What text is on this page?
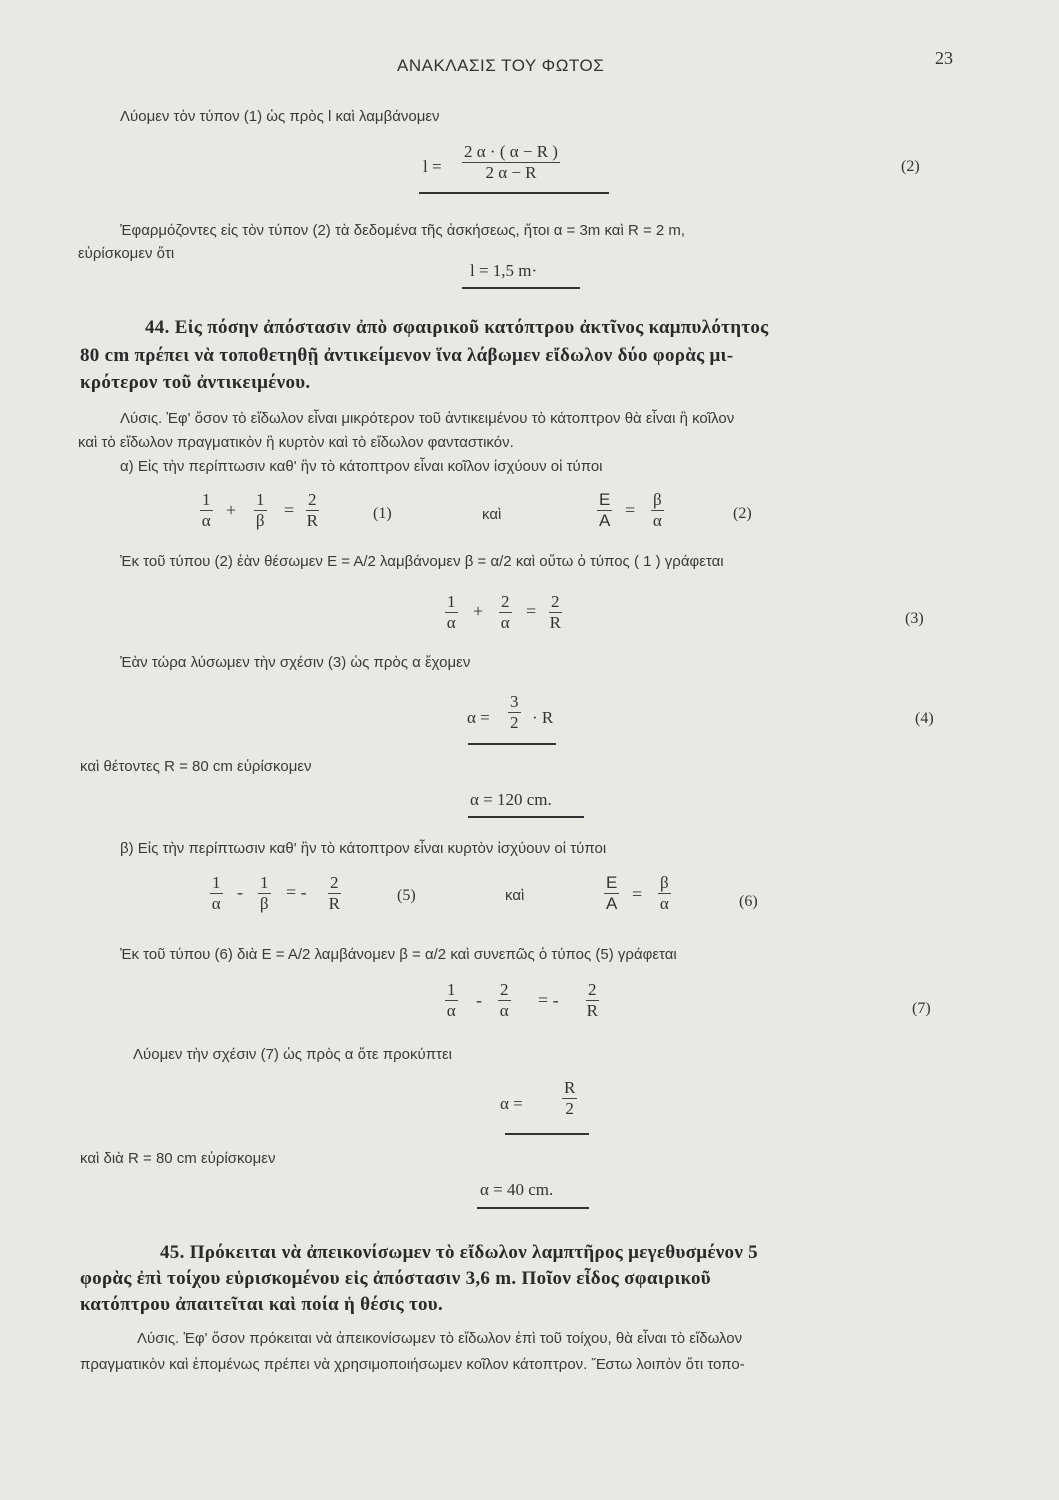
ΑΝΑΚΛΑΣΙΣ ΤΟΥ ΦΩΤΟΣ	23
Λύομεν τὸν τύπον (1) ὡς πρὸς l καὶ λαμβάνομεν
$l = \frac{2 \alpha \cdot ( \alpha - R )}{2 \alpha - R}$	(2)
Ἐφαρμόζοντες εἰς τὸν τύπον (2) τὰ δεδομένα τῆς ἀσκήσεως, ἤτοι α = 3m καὶ R = 2 m,
εὑρίσκομεν ὅτι
l = 1,5 m·
44. Εἰς πόσην ἀπόστασιν ἀπὸ σφαιρικοῦ κατόπτρου ἀκτῖνος καμπυλότητος
80 cm πρέπει νὰ τοποθετηθῇ ἀντικείμενον ἵνα λάβωμεν εἴδωλον δύο φορὰς μι-
κρότερον τοῦ ἀντικειμένου.
Λύσις. Ἐφ' ὅσον τὸ εἴδωλον εἶναι μικρότερον τοῦ ἀντικειμένου τὸ κάτοπτρον θὰ εἶναι ἢ κοῖλον
καὶ τὸ εἴδωλον πραγματικὸν ἢ κυρτὸν καὶ τὸ εἴδωλον φανταστικόν.
α) Εἰς τὴν περίπτωσιν καθ' ἣν τὸ κάτοπτρον εἶναι κοῖλον ἰσχύουν οἱ τύποι
$\frac{1}{\alpha} + \frac{1}{\beta} = \frac{2}{R}$	(1)	καὶ	$\frac{E}{A} = \frac{\beta}{\alpha}$	(2)
Ἐκ τοῦ τύπου (2) ἐὰν θέσωμεν Ε = Α/2 λαμβάνομεν β = α/2 καὶ οὕτω ὁ τύπος ( 1 ) γράφεται
$\frac{1}{\alpha} + \frac{2}{\alpha} = \frac{2}{R}$	(3)
Ἐὰν τώρα λύσωμεν τὴν σχέσιν (3) ὡς πρὸς α ἔχομεν
$\alpha = \frac{3}{2} \cdot R$	(4)
καὶ θέτοντες R = 80 cm εὑρίσκομεν
α = 120 cm.
β) Εἰς τὴν περίπτωσιν καθ' ἣν τὸ κάτοπτρον εἶναι κυρτὸν ἰσχύουν οἱ τύποι
$\frac{1}{\alpha} - \frac{1}{\beta}$ = - $\frac{2}{R}$	(5)	καὶ	$\frac{E}{A} = \frac{\beta}{\alpha}$	(6)
Ἐκ τοῦ τύπου (6) διὰ Ε = Α/2 λαμβάνομεν β = α/2 καὶ συνεπῶς ὁ τύπος (5) γράφεται
$\frac{1}{\alpha} - \frac{2}{\alpha}$ = - $\frac{2}{R}$	(7)
Λύομεν τὴν σχέσιν (7) ὡς πρὸς α ὅτε προκύπτει
$\alpha = \frac{R}{2}$
καὶ διὰ R = 80 cm εὑρίσκομεν
α = 40 cm.
45. Πρόκειται νὰ ἀπεικονίσωμεν τὸ εἴδωλον λαμπτῆρος μεγεθυσμένον 5
φορὰς ἐπὶ τοίχου εὑρισκομένου εἰς ἀπόστασιν 3,6 m. Ποῖον εἶδος σφαιρικοῦ
κατόπτρου ἀπαιτεῖται καὶ ποία ἡ θέσις του.
Λύσις. Ἐφ' ὅσον πρόκειται νὰ ἀπεικονίσωμεν τὸ εἴδωλον ἐπὶ τοῦ τοίχου, θὰ εἶναι τὸ εἴδωλον
πραγματικὸν καὶ ἑπομένως πρέπει νὰ χρησιμοποιήσωμεν κοῖλον κάτοπτρον. Ἔστω λοιπὸν ὅτι τοπο-
